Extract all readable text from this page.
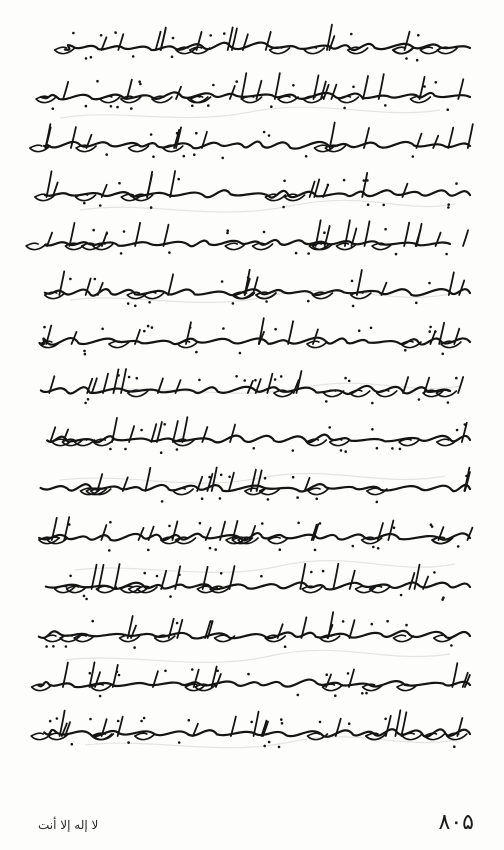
لا إله إلا أنت	۸۰۵
